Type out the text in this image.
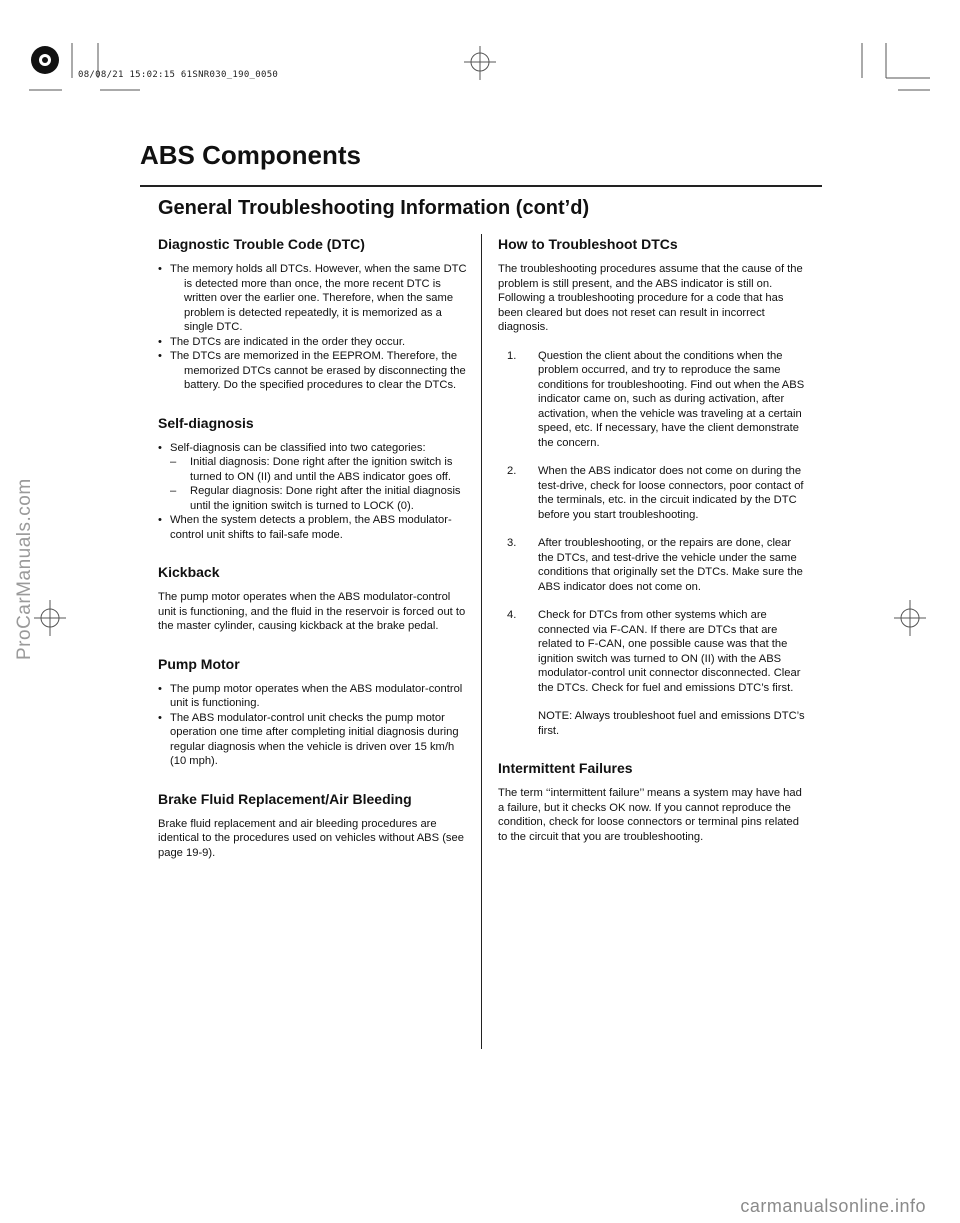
08/08/21 15:02:15 61SNR030_190_0050
ABS Components
General Troubleshooting Information (cont’d)
Diagnostic Trouble Code (DTC)
• The memory holds all DTCs. However, when the same DTC is detected more than once, the more recent DTC is written over the earlier one. Therefore, when the same problem is detected repeatedly, it is memorized as a single DTC.
• The DTCs are indicated in the order they occur.
• The DTCs are memorized in the EEPROM. Therefore, the memorized DTCs cannot be erased by disconnecting the battery. Do the specified procedures to clear the DTCs.
Self-diagnosis
• Self-diagnosis can be classified into two categories:
–	Initial diagnosis: Done right after the ignition switch is turned to ON (II) and until the ABS indicator goes off.
–	Regular diagnosis: Done right after the initial diagnosis until the ignition switch is turned to LOCK (0).
• When the system detects a problem, the ABS modulator-control unit shifts to fail-safe mode.
Kickback

The pump motor operates when the ABS modulator-control unit is functioning, and the fluid in the reservoir is forced out to the master cylinder, causing kickback at the brake pedal.

Pump Motor
• The pump motor operates when the ABS modulator-control unit is functioning.
• The ABS modulator-control unit checks the pump motor operation one time after completing initial diagnosis during regular diagnosis when the vehicle is driven over 15 km/h (10 mph).
Brake Fluid Replacement/Air Bleeding

Brake fluid replacement and air bleeding procedures are identical to the procedures used on vehicles without ABS (see page 19-9).

How to Troubleshoot DTCs

The troubleshooting procedures assume that the cause of the problem is still present, and the ABS indicator is still on. Following a troubleshooting procedure for a code that has been cleared but does not reset can result in incorrect diagnosis.

1.	Question the client about the conditions when the problem occurred, and try to reproduce the same conditions for troubleshooting. Find out when the ABS indicator came on, such as during activation, after activation, when the vehicle was traveling at a certain speed, etc. If necessary, have the client demonstrate the concern.
2.	When the ABS indicator does not come on during the test-drive, check for loose connectors, poor contact of the terminals, etc. in the circuit indicated by the DTC before you start troubleshooting.
3.	After troubleshooting, or the repairs are done, clear the DTCs, and test-drive the vehicle under the same conditions that originally set the DTCs. Make sure the ABS indicator does not come on.
4.	Check for DTCs from other systems which are connected via F-CAN. If there are DTCs that are related to F-CAN, one possible cause was that the ignition switch was turned to ON (II) with the ABS modulator-control unit connector disconnected. Clear the DTCs. Check for fuel and emissions DTC’s first.

NOTE: Always troubleshoot fuel and emissions DTC’s first.

Intermittent Failures

The term ‘‘intermittent failure’’ means a system may have had a failure, but it checks OK now. If you cannot reproduce the condition, check for loose connectors or terminal pins related to the circuit that you are troubleshooting.

ProCarManuals.com
carmanualsonline.info
